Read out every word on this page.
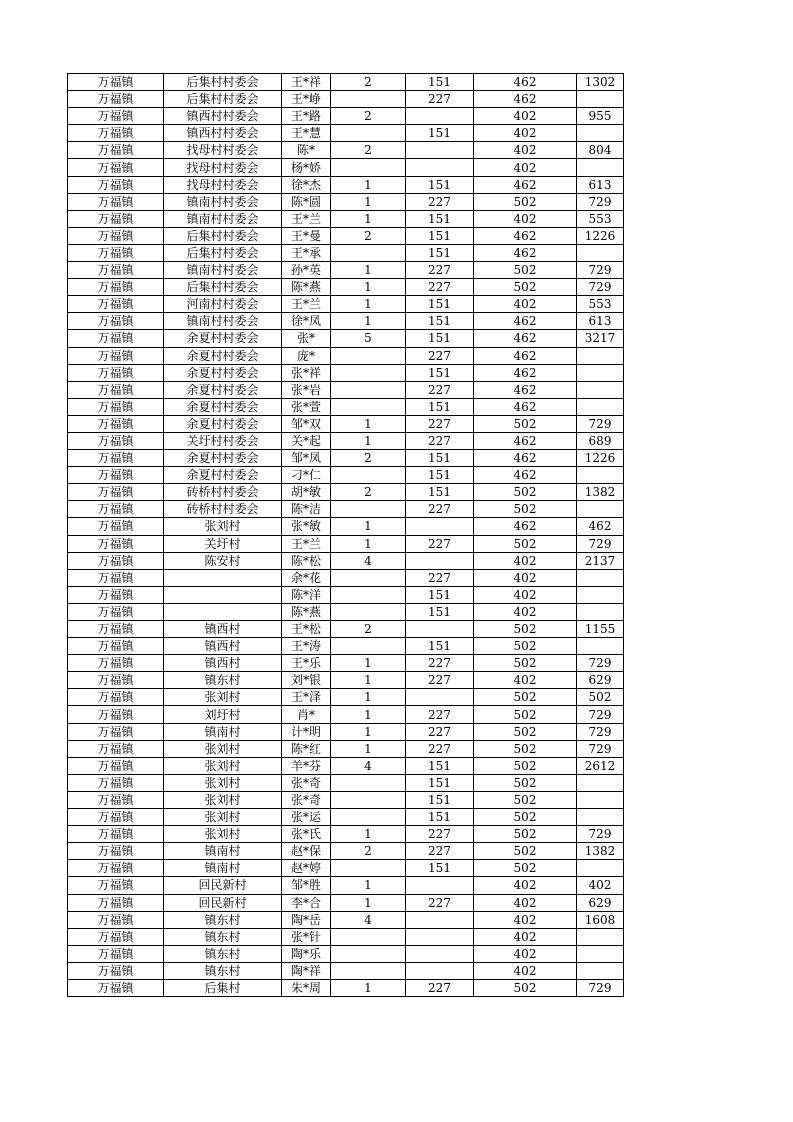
万福镇	后集村村委会	王*祥	2	151	462	1302
万福镇	后集村村委会	王*峥		227	462	
万福镇	镇西村村委会	王*路	2		402	955
万福镇	镇西村村委会	王*慧		151	402	
万福镇	找母村村委会	陈*	2		402	804
万福镇	找母村村委会	杨*娇			402	
万福镇	找母村村委会	徐*杰	1	151	462	613
万福镇	镇南村村委会	陈*圆	1	227	502	729
万福镇	镇南村村委会	王*兰	1	151	402	553
万福镇	后集村村委会	王*曼	2	151	462	1226
万福镇	后集村村委会	王*承		151	462	
万福镇	镇南村村委会	孙*英	1	227	502	729
万福镇	后集村村委会	陈*燕	1	227	502	729
万福镇	河南村村委会	王*兰	1	151	402	553
万福镇	镇南村村委会	徐*凤	1	151	462	613
万福镇	余夏村村委会	张*	5	151	462	3217
万福镇	余夏村村委会	庞*		227	462	
万福镇	余夏村村委会	张*祥		151	462	
万福镇	余夏村村委会	张*岩		227	462	
万福镇	余夏村村委会	张*萱		151	462	
万福镇	余夏村村委会	邹*双	1	227	502	729
万福镇	关圩村村委会	关*起	1	227	462	689
万福镇	余夏村村委会	邹*凤	2	151	462	1226
万福镇	余夏村村委会	刁*仁		151	462	
万福镇	砖桥村村委会	胡*敏	2	151	502	1382
万福镇	砖桥村村委会	陈*洁		227	502	
万福镇	张刘村	张*敏	1		462	462
万福镇	关圩村	王*兰	1	227	502	729
万福镇	陈安村	陈*松	4		402	2137
万福镇		余*花		227	402	
万福镇		陈*洋		151	402	
万福镇		陈*燕		151	402	
万福镇	镇西村	王*松	2		502	1155
万福镇	镇西村	王*涛		151	502	
万福镇	镇西村	王*乐	1	227	502	729
万福镇	镇东村	刘*银	1	227	402	629
万福镇	张刘村	王*泽	1		502	502
万福镇	刘圩村	肖*	1	227	502	729
万福镇	镇南村	计*明	1	227	502	729
万福镇	张刘村	陈*红	1	227	502	729
万福镇	张刘村	羊*芬	4	151	502	2612
万福镇	张刘村	张*奇		151	502	
万福镇	张刘村	张*奇		151	502	
万福镇	张刘村	张*运		151	502	
万福镇	张刘村	张*氏	1	227	502	729
万福镇	镇南村	赵*保	2	227	502	1382
万福镇	镇南村	赵*婷		151	502	
万福镇	回民新村	邹*胜	1		402	402
万福镇	回民新村	李*合	1	227	402	629
万福镇	镇东村	陶*岳	4		402	1608
万福镇	镇东村	张*针			402	
万福镇	镇东村	陶*乐			402	
万福镇	镇东村	陶*祥			402	
万福镇	后集村	朱*周	1	227	502	729
